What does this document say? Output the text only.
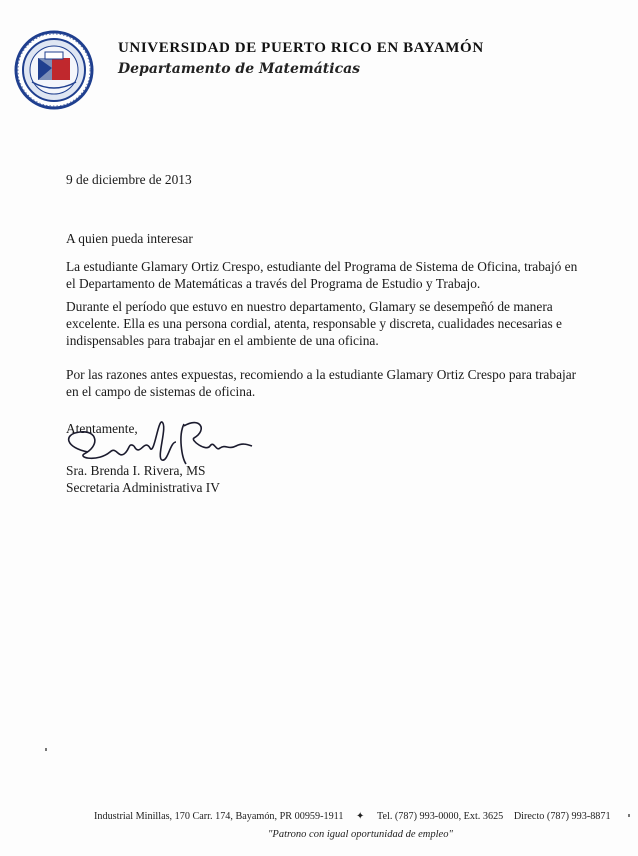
UNIVERSIDAD DE PUERTO RICO EN BAYAMÓN
Departamento de Matemáticas
9 de diciembre de 2013
A quien pueda interesar
La estudiante Glamary Ortiz Crespo, estudiante del Programa de Sistema de Oficina, trabajó en
el Departamento de Matemáticas a través del Programa de Estudio y Trabajo.
Durante el período que estuvo en nuestro departamento, Glamary se desempeñó de manera
excelente. Ella es una persona cordial, atenta, responsable y discreta, cualidades necesarias e
indispensables para trabajar en el ambiente de una oficina.
Por las razones antes expuestas, recomiendo a la estudiante Glamary Ortiz Crespo para trabajar
en el campo de sistemas de oficina.
Atentamente,
Sra. Brenda I. Rivera, MS
Secretaria Administrativa IV
Industrial Minillas, 170 Carr. 174, Bayamón, PR 00959-1911 ✦ Tel. (787) 993-0000, Ext. 3625 Directo (787) 993-8871
"Patrono con igual oportunidad de empleo"
